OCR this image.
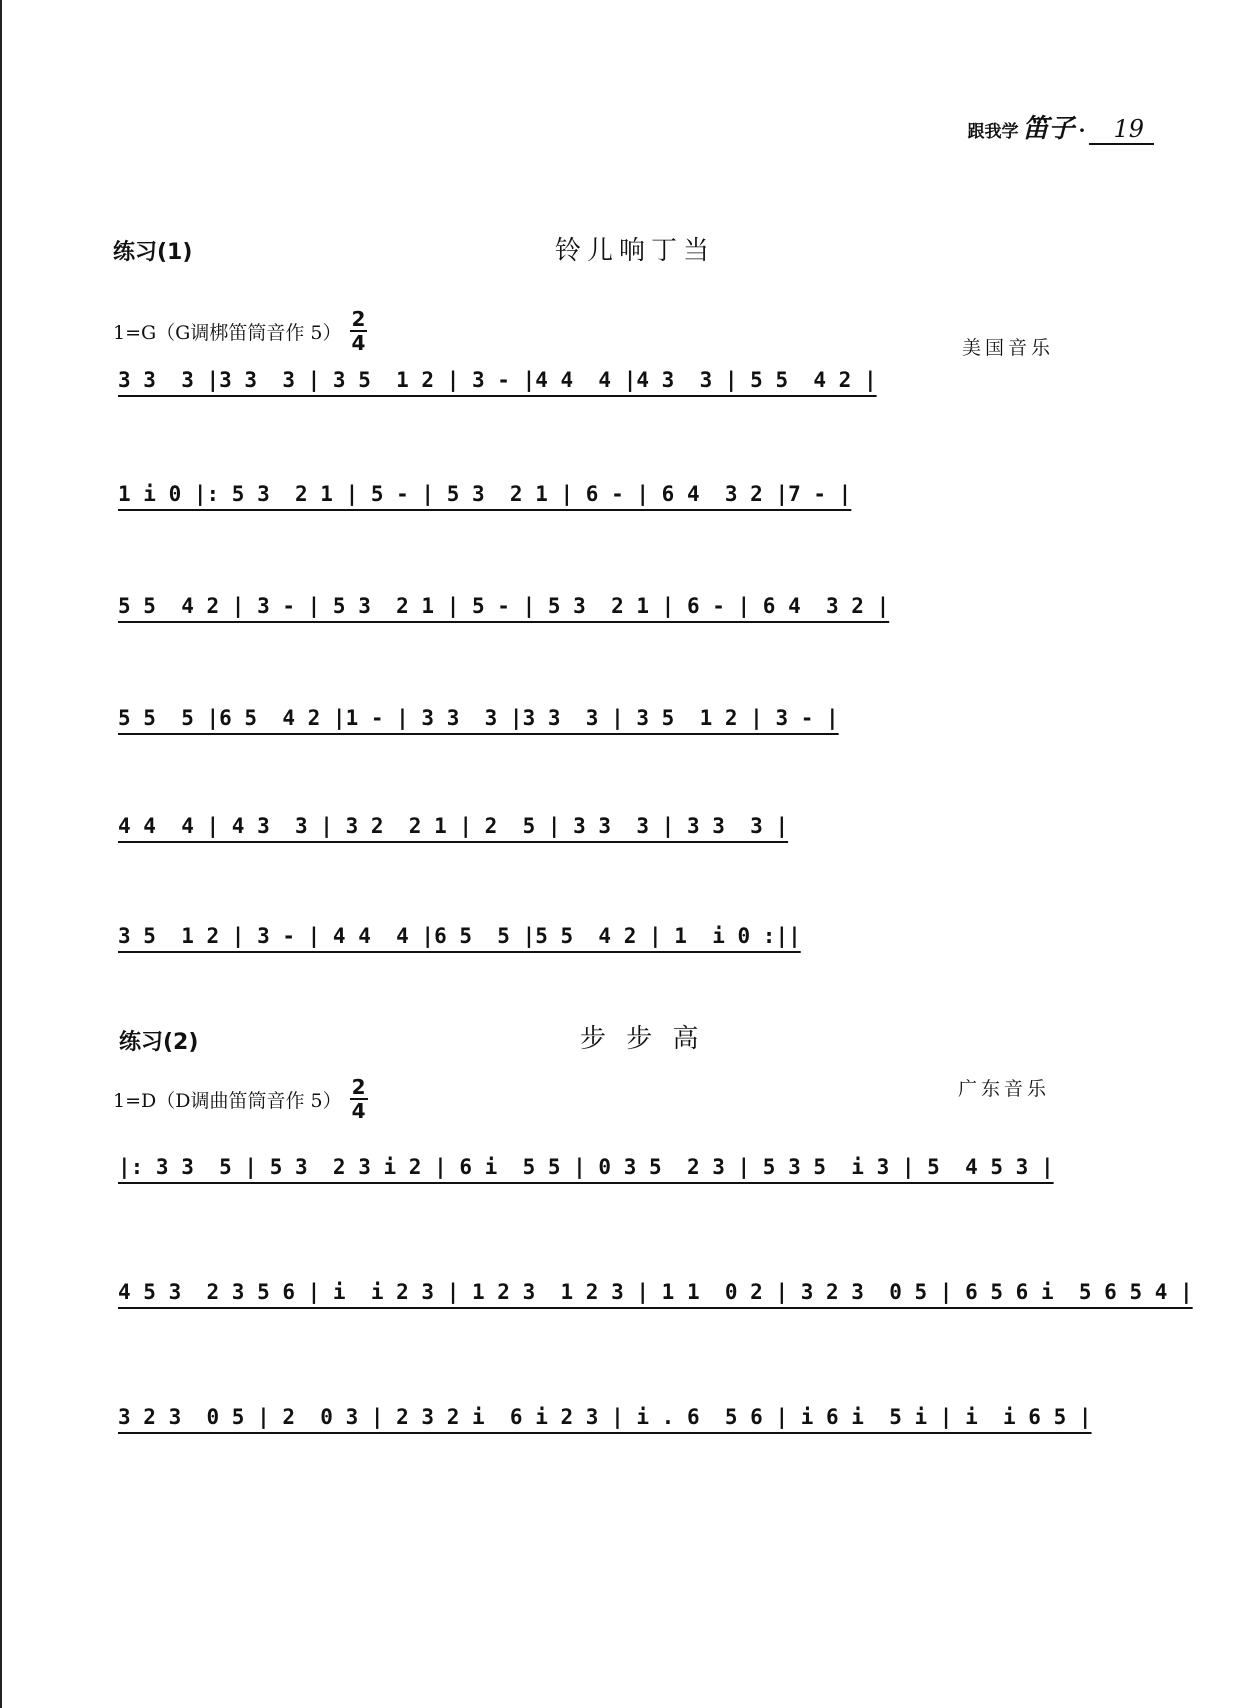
跟我学 笛子 ·	19
练习(1)	铃儿响丁当
1=G（G调梆笛筒音作 $5) \frac{2}{4}$	美国音乐
3 3  3 |3 3  3 | 3 5  1 2 | 3 - |4 4  4 |4 3  3 | 5 5  4 2 |
1 i 0 |: 5 3  2 1 | 5 - | 5 3  2 1 | 6 - | 6 4  3 2 |7 - |
5 5  4 2 | 3 - | 5 3  2 1 | 5 - | 5 3  2 1 | 6 - | 6 4  3 2 |
5 5  5 |6 5  4 2 |1 - | 3 3  3 |3 3  3 | 3 5  1 2 | 3 - |
4 4  4 | 4 3  3 | 3 2  2 1 | 2  5 | 3 3  3 | 3 3  3 |
3 5  1 2 | 3 - | 4 4  4 |6 5  5 |5 5  4 2 | 1  i 0 :||
练习(2)	步 步 高
1=D（D调曲笛筒音作 $5) \frac{2}{4}$	广东音乐
|: 3 3  5 | 5 3  2 3 i 2 | 6 i  5 5 | 0 3 5  2 3 | 5 3 5  i 3 | 5  4 5 3 |
4 5 3  2 3 5 6 | i  i 2 3 | 1 2 3  1 2 3 | 1 1  0 2 | 3 2 3  0 5 | 6 5 6 i  5 6 5 4 |
3 2 3  0 5 | 2  0 3 | 2 3 2 i  6 i 2 3 | i . 6  5 6 | i 6 i  5 i | i  i 6 5 |
